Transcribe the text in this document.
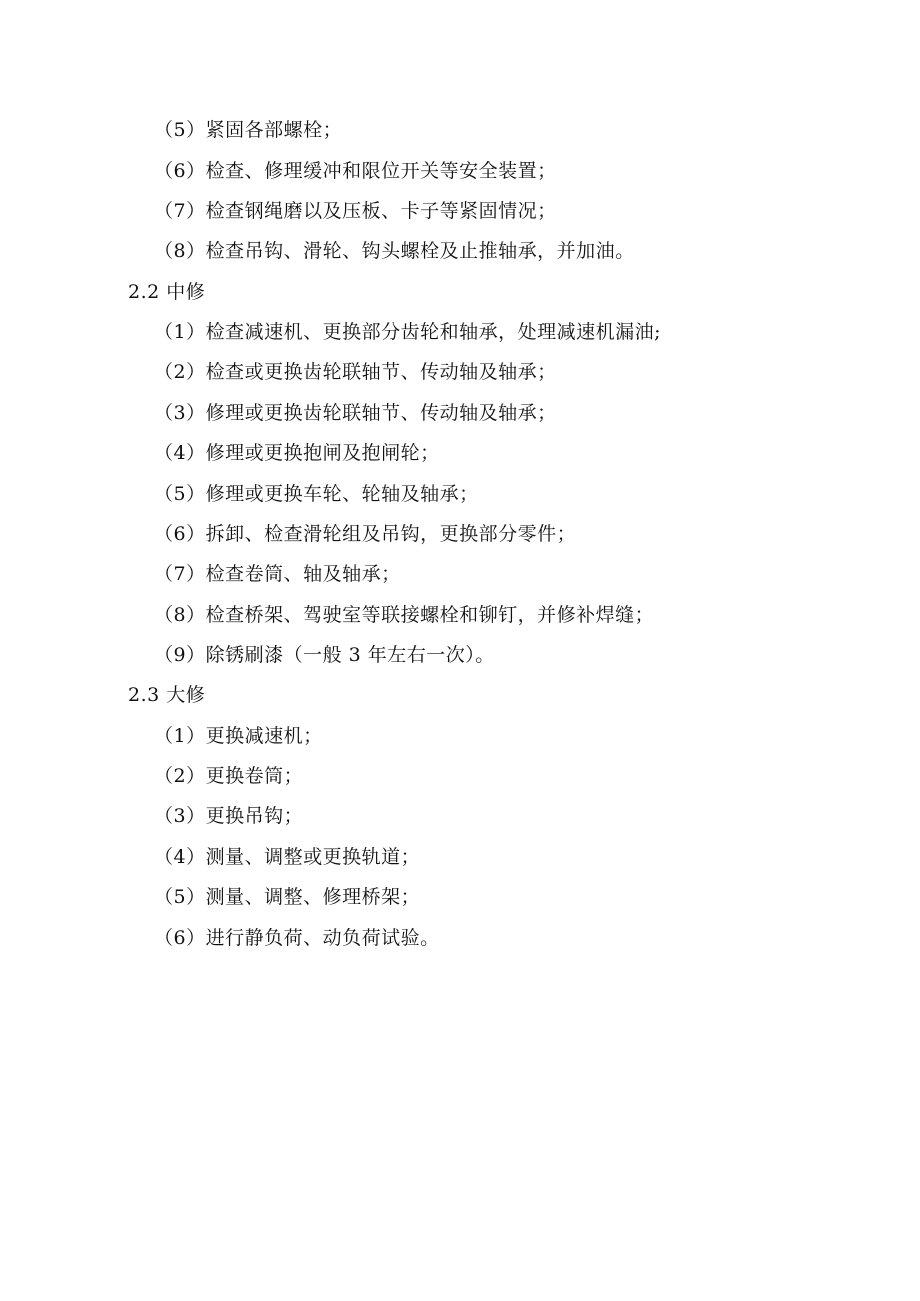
（5）紧固各部螺栓；
（6）检查、修理缓冲和限位开关等安全装置；
（7）检查钢绳磨以及压板、卡子等紧固情况；
（8）检查吊钩、滑轮、钩头螺栓及止推轴承，并加油。
2.2 中修
（1）检查减速机、更换部分齿轮和轴承，处理减速机漏油;
（2）检查或更换齿轮联轴节、传动轴及轴承；
（3）修理或更换齿轮联轴节、传动轴及轴承；
（4）修理或更换抱闸及抱闸轮；
（5）修理或更换车轮、轮轴及轴承；
（6）拆卸、检查滑轮组及吊钩，更换部分零件；
（7）检查卷筒、轴及轴承；
（8）检查桥架、驾驶室等联接螺栓和铆钉，并修补焊缝；
（9）除锈刷漆（一般 3 年左右一次）。
2.3 大修
（1）更换减速机；
（2）更换卷筒；
（3）更换吊钩；
（4）测量、调整或更换轨道；
（5）测量、调整、修理桥架；
（6）进行静负荷、动负荷试验。
